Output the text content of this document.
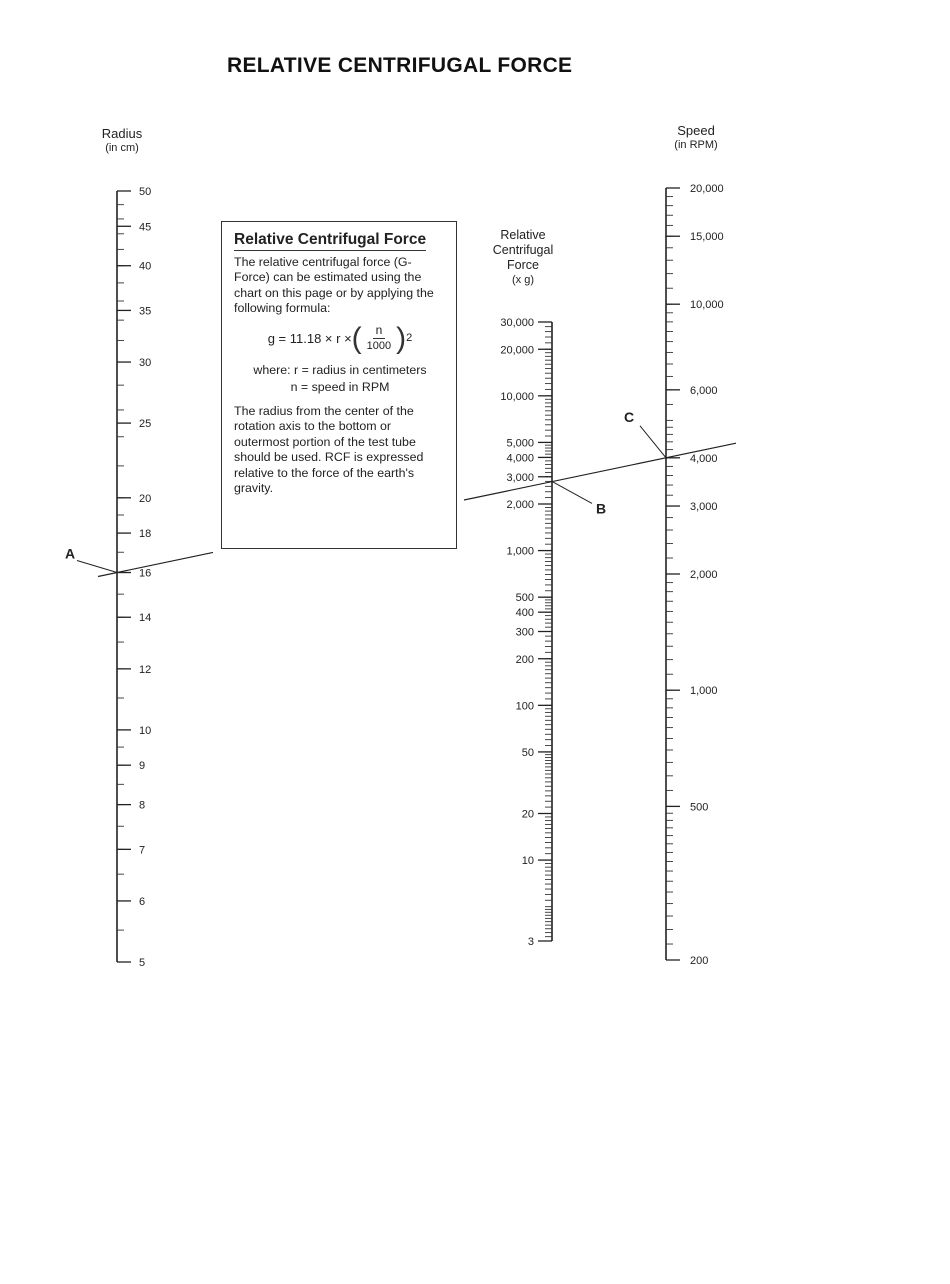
RELATIVE CENTRIFUGAL FORCE
Radius
(in cm)
Speed
(in RPM)
Relative
Centrifugal
Force
(x g)
Relative Centrifugal Force

The relative centrifugal force (G-Force) can be estimated using the chart on this page or by applying the following formula:

g = 11.18 × r × ( $\frac{n}{1000}$ ) 2
where: r = radius in centimeters
n = speed in RPM

The radius from the center of the rotation axis to the bottom or outermost portion of the test tube should be used. RCF is expressed relative to the force of the earth's gravity.

50
45
40
35
30
25
20
18
16
14
12
10
9
8
7
6
5
30,000
20,000
10,000
5,000
4,000
3,000
2,000
1,000
500
400
300
200
100
50
20
10
3
20,000
15,000
10,000
6,000
4,000
3,000
2,000
1,000
500
200
A
B
C
